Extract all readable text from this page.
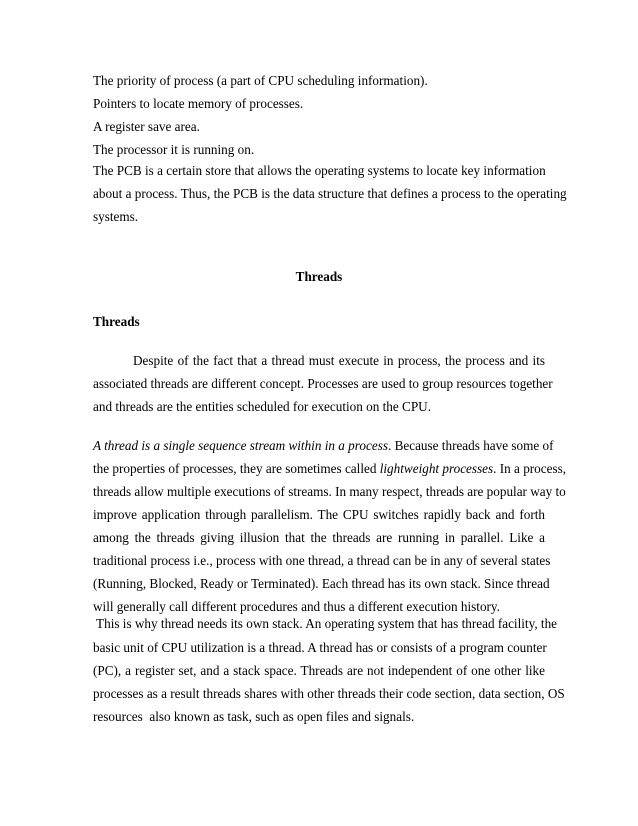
The priority of process (a part of CPU scheduling information).
Pointers to locate memory of processes.
A register save area.
The processor it is running on.
The PCB is a certain store that allows the operating systems to locate key information
about a process. Thus, the PCB is the data structure that defines a process to the operating
systems.
Threads
Threads
Despite of the fact that a thread must execute in process, the process and its
associated threads are different concept. Processes are used to group resources together
and threads are the entities scheduled for execution on the CPU.
A thread is a single sequence stream within in a process. Because threads have some of
the properties of processes, they are sometimes called lightweight processes. In a process,
threads allow multiple executions of streams. In many respect, threads are popular way to
improve application through parallelism. The CPU switches rapidly back and forth
among the threads giving illusion that the threads are running in parallel. Like a
traditional process i.e., process with one thread, a thread can be in any of several states
(Running, Blocked, Ready or Terminated). Each thread has its own stack. Since thread
will generally call different procedures and thus a different execution history.
This is why thread needs its own stack. An operating system that has thread facility, the
basic unit of CPU utilization is a thread. A thread has or consists of a program counter
(PC), a register set, and a stack space. Threads are not independent of one other like
processes as a result threads shares with other threads their code section, data section, OS
resources  also known as task, such as open files and signals.
